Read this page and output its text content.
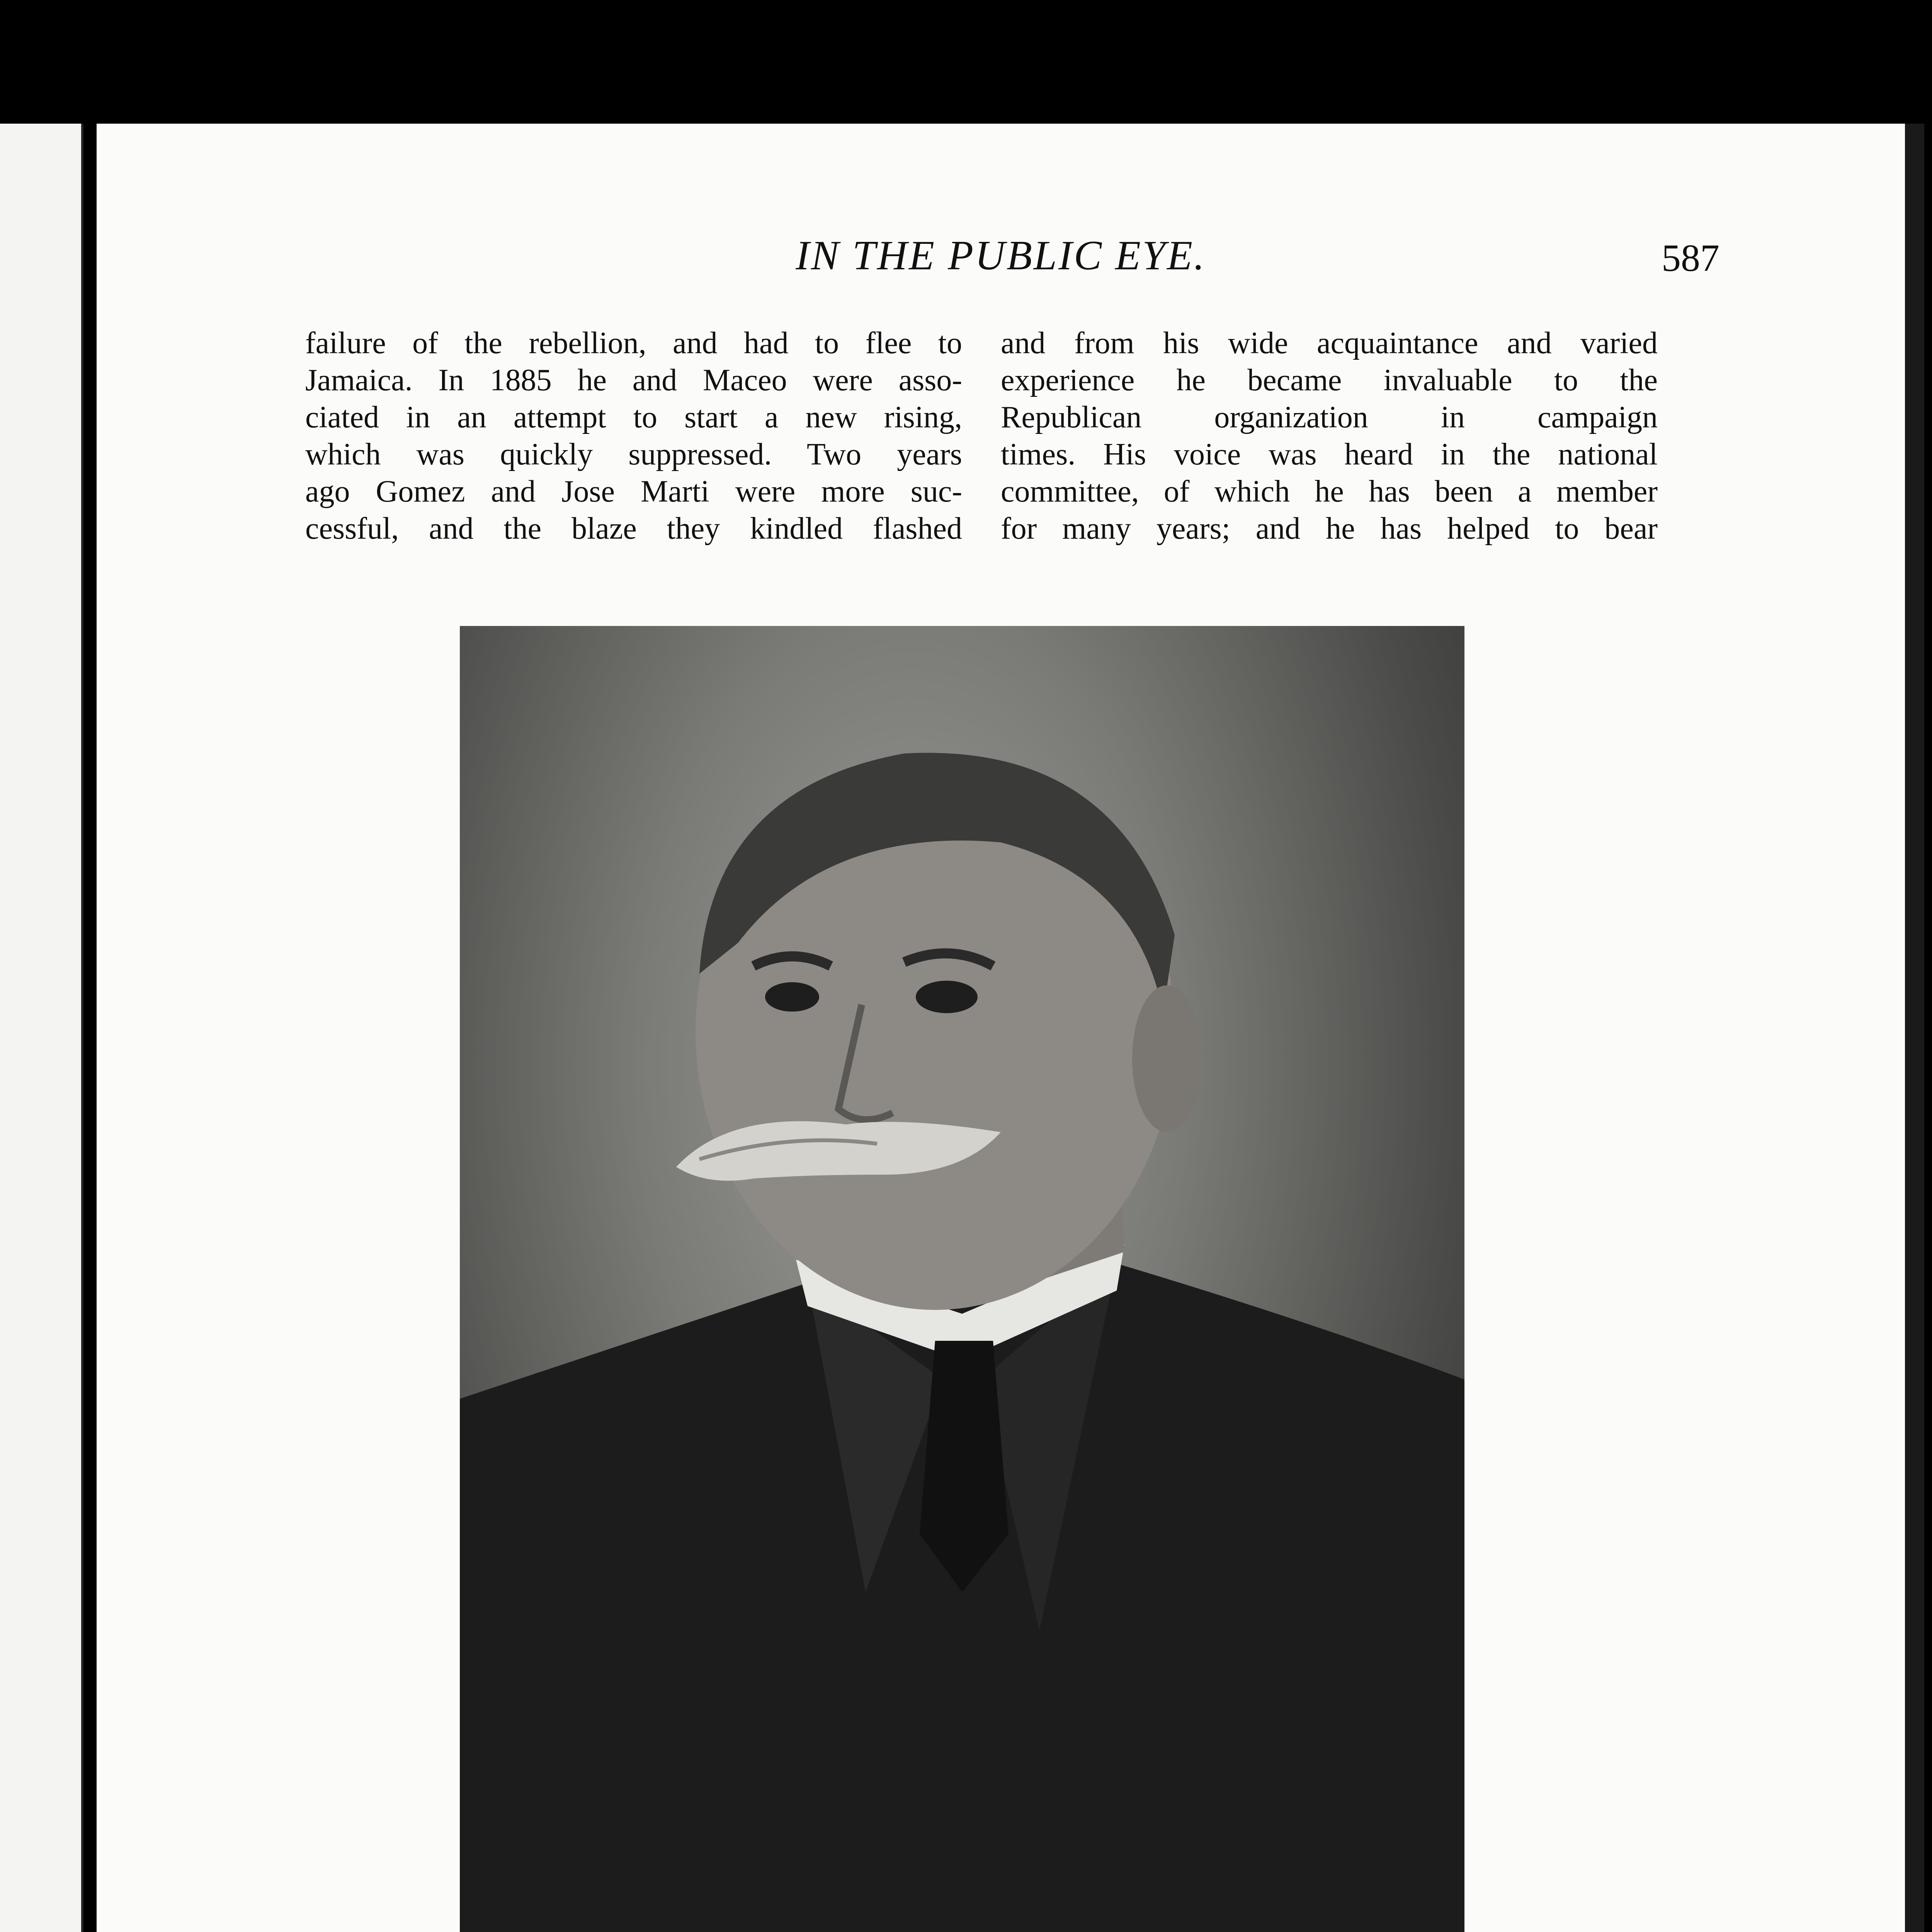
IN THE PUBLIC EYE.	587

failure of the rebellion, and had to flee to

Jamaica. In 1885 he and Maceo were asso-

ciated in an attempt to start a new rising,

which was quickly suppressed. Two years

ago Gomez and Jose Marti were more suc-

cessful, and the blaze they kindled flashed

and from his wide acquaintance and varied

experience he became invaluable to the

Republican organization in campaign

times. His voice was heard in the national

committee, of which he has been a member

for many years; and he has helped to bear
